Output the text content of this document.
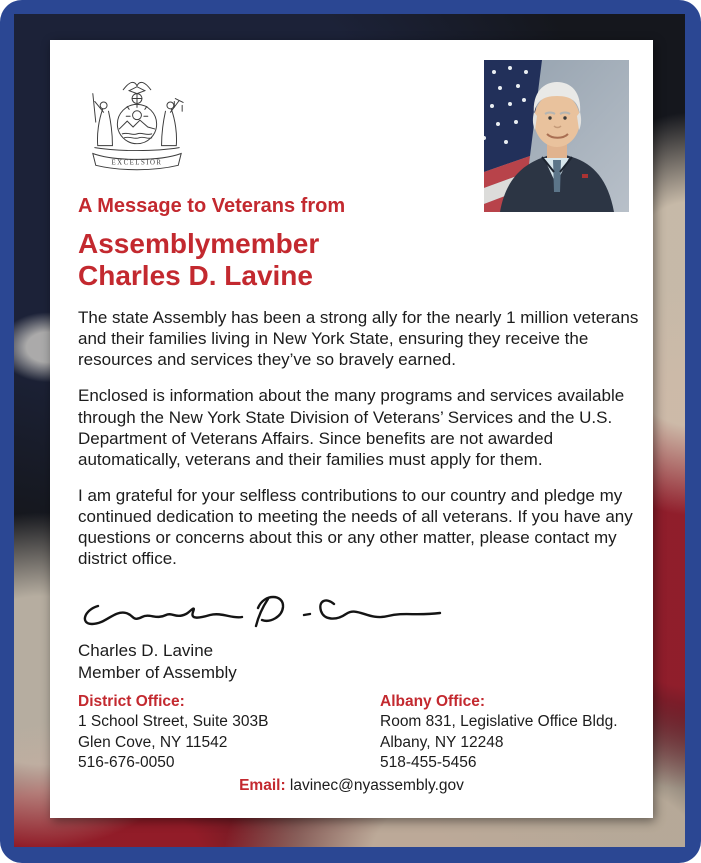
EXCELSIOR
A Message to Veterans from
Assemblymember
Charles D. Lavine

The state Assembly has been a strong ally for the nearly 1 million veterans and their families living in New York State, ensuring they receive the resources and services they’ve so bravely earned.

Enclosed is information about the many programs and services available through the New York State Division of Veterans’ Services and the U.S. Department of Veterans Affairs. Since benefits are not awarded automatically, veterans and their families must apply for them.

I am grateful for your selfless contributions to our country and pledge my continued dedication to meeting the needs of all veterans. If you have any questions or concerns about this or any other matter, please contact my district office.

Charles D. Lavine
Member of Assembly
District Office:
1 School Street, Suite 303B
Glen Cove, NY 11542
516-676-0050
Albany Office:
Room 831, Legislative Office Bldg.
Albany, NY 12248
518-455-5456
Email: lavinec@nyassembly.gov
